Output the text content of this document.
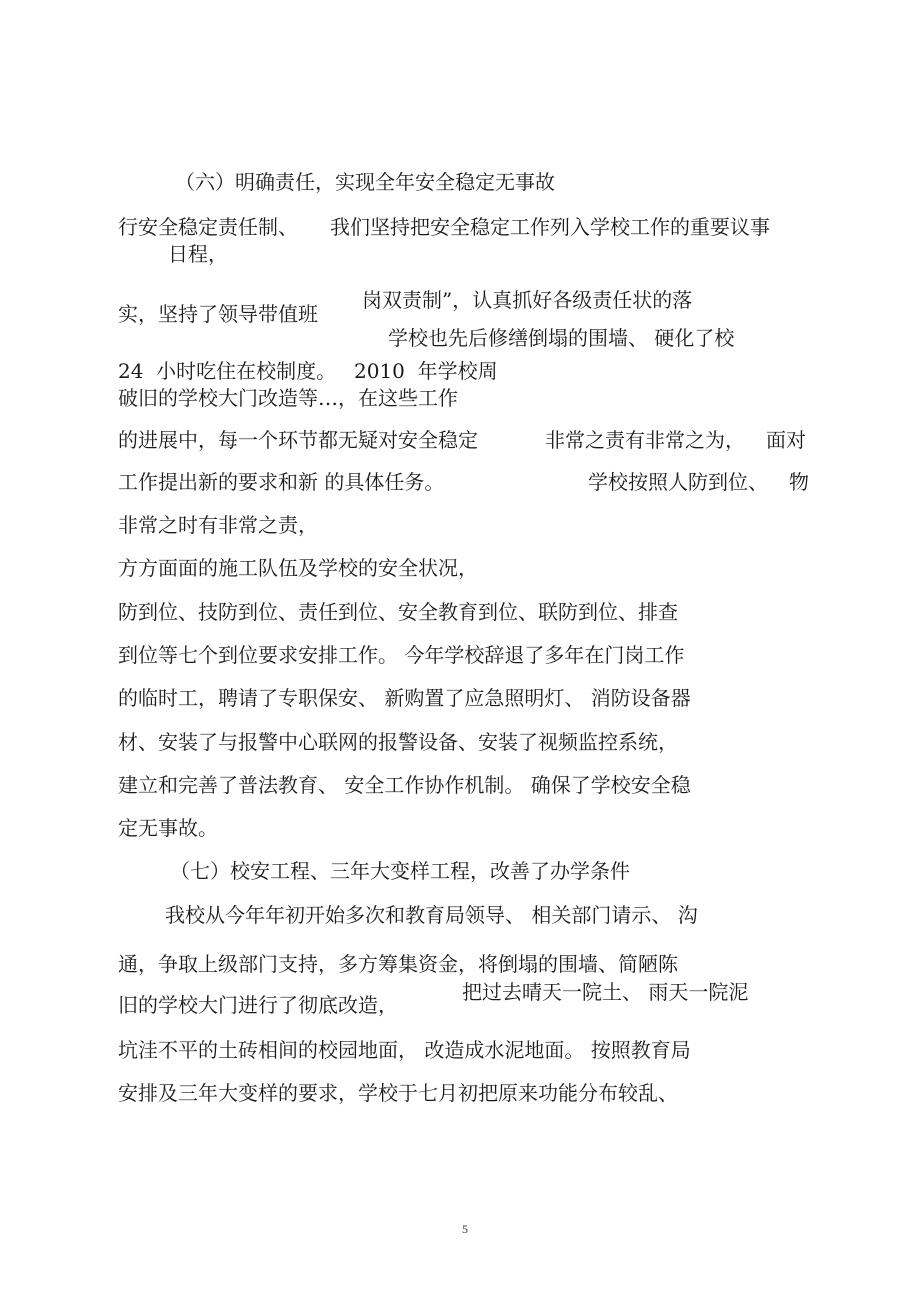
（六）明确责任，实现全年安全稳定无事故
行安全稳定责任制、 我们坚持把安全稳定工作列入学校工作的重要议事
日程，
岗双责制”，认真抓好各级责任状的落
实，坚持了领导带值班
学校也先后修缮倒塌的围墙、 硬化了校
24  小时吃住在校制度。 2010  年学校周
破旧的学校大门改造等…，在这些工作
的进展中，每一个环节都无疑对安全稳定	非常之责有非常之为， 面对
工作提出新的要求和新 的具体任务。	学校按照人防到位、 物
非常之时有非常之责，
方方面面的施工队伍及学校的安全状况，
防到位、技防到位、责任到位、安全教育到位、联防到位、排查
到位等七个到位要求安排工作。 今年学校辞退了多年在门岗工作
的临时工，聘请了专职保安、 新购置了应急照明灯、 消防设备器
材、安装了与报警中心联网的报警设备、安装了视频监控系统，
建立和完善了普法教育、 安全工作协作机制。 确保了学校安全稳
定无事故。
（七）校安工程、三年大变样工程，改善了办学条件
我校从今年年初开始多次和教育局领导、 相关部门请示、 沟
通，争取上级部门支持，多方筹集资金，将倒塌的围墙、简陋陈
把过去晴天一院土、 雨天一院泥
旧的学校大门进行了彻底改造，
坑洼不平的土砖相间的校园地面， 改造成水泥地面。 按照教育局
安排及三年大变样的要求，学校于七月初把原来功能分布较乱、
5
